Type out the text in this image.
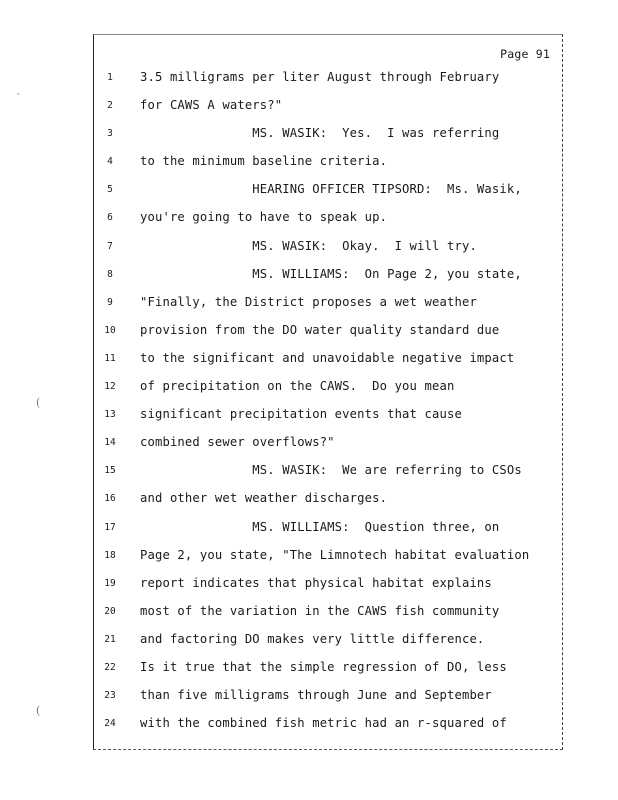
`
(
(
Page 91
1	3.5 milligrams per liter August through February
2	for CAWS A waters?"
3	MS. WASIK:  Yes.  I was referring
4	to the minimum baseline criteria.
5	HEARING OFFICER TIPSORD:  Ms. Wasik,
6	you're going to have to speak up.
7	MS. WASIK:  Okay.  I will try.
8	MS. WILLIAMS:  On Page 2, you state,
9	"Finally, the District proposes a wet weather
10	provision from the DO water quality standard due
11	to the significant and unavoidable negative impact
12	of precipitation on the CAWS.  Do you mean
13	significant precipitation events that cause
14	combined sewer overflows?"
15	MS. WASIK:  We are referring to CSOs
16	and other wet weather discharges.
17	MS. WILLIAMS:  Question three, on
18	Page 2, you state, "The Limnotech habitat evaluation
19	report indicates that physical habitat explains
20	most of the variation in the CAWS fish community
21	and factoring DO makes very little difference.
22	Is it true that the simple regression of DO, less
23	than five milligrams through June and September
24	with the combined fish metric had an r-squared of
